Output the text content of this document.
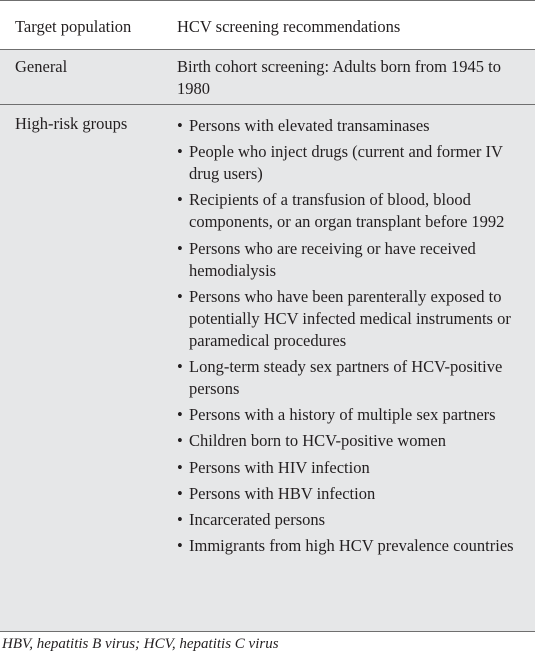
Target population	HCV screening recommendations
General	Birth cohort screening: Adults born from 1945 to 1980
High-risk groups	• Persons with elevated transaminases
• People who inject drugs (current and former IV drug users)
• Recipients of a transfusion of blood, blood components, or an organ transplant before 1992
• Persons who are receiving or have received hemodialysis
• Persons who have been parenterally exposed to potentially HCV infected medical instruments or paramedical procedures
• Long-term steady sex partners of HCV-positive persons
• Persons with a history of multiple sex partners
• Children born to HCV-positive women
• Persons with HIV infection
• Persons with HBV infection
• Incarcerated persons
• Immigrants from high HCV prevalence countries
HBV, hepatitis B virus; HCV, hepatitis C virus
